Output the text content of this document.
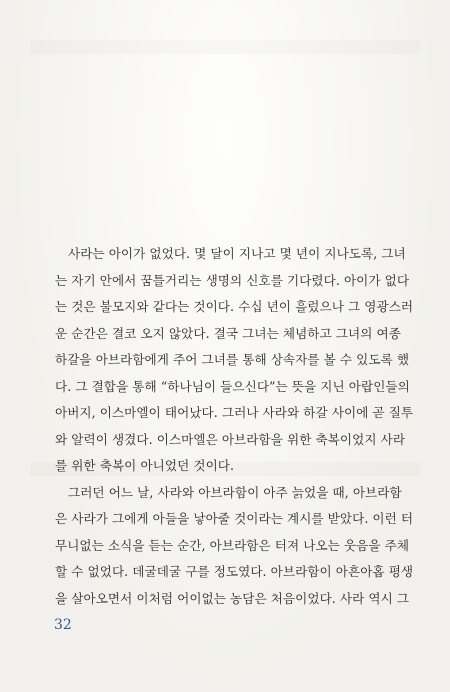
사라는 아이가 없었다. 몇 달이 지나고 몇 년이 지나도록, 그녀
는 자기 안에서 꿈틀거리는 생명의 신호를 기다렸다. 아이가 없다
는 것은 불모지와 같다는 것이다. 수십 년이 흘렀으나 그 영광스러
운 순간은 결코 오지 않았다. 결국 그녀는 체념하고 그녀의 여종
하갈을 아브라함에게 주어 그녀를 통해 상속자를 볼 수 있도록 했
다. 그 결합을 통해 “하나님이 들으신다”는 뜻을 지닌 아랍인들의
아버지, 이스마엘이 태어났다. 그러나 사라와 하갈 사이에 곧 질투
와 알력이 생겼다. 이스마엘은 아브라함을 위한 축복이었지 사라
를 위한 축복이 아니었던 것이다.
그러던 어느 날, 사라와 아브라함이 아주 늙었을 때, 아브라함
은 사라가 그에게 아들을 낳아줄 것이라는 계시를 받았다. 이런 터
무니없는 소식을 듣는 순간, 아브라함은 터져 나오는 웃음을 주체
할 수 없었다. 데굴데굴 구를 정도였다. 아브라함이 아흔아홉 평생
을 살아오면서 이처럼 어이없는 농담은 처음이었다. 사라 역시 그
32
